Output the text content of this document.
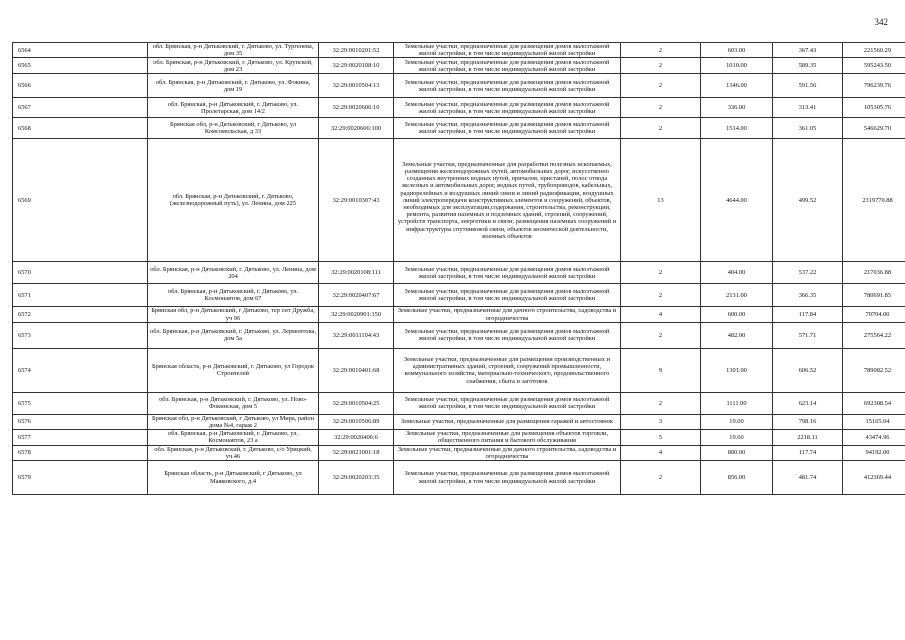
342
6564	обл. Брянская, р-н Дятьковский, г. Дятьково, ул. Тургенева, дом 35	32:29:0010201:52	Земельные участки, предназначенные для размещения домов малоэтажной жилой застройки, в том числе индивидуальной жилой застройки	2	603.00	367.43	221560.29
6565	обл. Брянская, р-н Дятьковский, г. Дятьково, ул. Крупской, дом 23	32:29:0020108:10	Земельные участки, предназначенные для размещения домов малоэтажной жилой застройки, в том числе индивидуальной жилой застройки	2	1010.00	589.35	595243.50
6566	обл. Брянская, р-н Дятьковский, г. Дятьково, ул. Фокина, дом 19	32:29:0010504:13	Земельные участки, предназначенные для размещения домов малоэтажной жилой застройки, в том числе индивидуальной жилой застройки	2	1346.00	591.56	796239.76
6567	обл. Брянская, р-н Дятьковский, г. Дятьково, ул. Пролетарская, дом 14/2	32:29:0020606:10	Земельные участки, предназначенные для размещения домов малоэтажной жилой застройки, в том числе индивидуальной жилой застройки	2	336.00	313.41	105305.76
6568	Брянская обл, р-н Дятьковский, г Дятьково, ул Комсомольская, д 33	32:29:0020606:100	Земельные участки, предназначенные для размещения домов малоэтажной жилой застройки, в том числе индивидуальной жилой застройки	2	1514.00	361.05	546629.70
6569	обл. Брянская, р-н Дятьковский, г. Дятьково, (железнодорожный путь), ул. Ленина, дом 225	32:29:0010307:43	Земельные участки, предназначенные для разработки полезных ископаемых, размещения железнодорожных путей, автомобильных дорог, искусственно созданных внутренних водных путей, причалов, пристаней, полос отвода железных и автомобильных дорог, водных путей, трубопроводов, кабельных, радиорелейных и воздушных линий связи и линий радиофикации, воздушных линий электропередачи конструктивных элементов и сооружений, объектов, необходимых для эксплуатации,содержания, строительства, реконструкции, ремонта, развития наземных и подземных зданий, строений, сооружений, устройств транспорта, энергетики и связи; размещения наземных сооружений и инфраструктуры спутниковой связи, объектов космической деятельности, военных объектов	13	4644.00	499.52	2319770.88
6570	обл. Брянская, р-н Дятьковский, г. Дятьково, ул. Ленина, дом 204	32:29:0020108:111	Земельные участки, предназначенные для размещения домов малоэтажной жилой застройки, в том числе индивидуальной жилой застройки	2	404.00	537.22	217036.88
6571	обл. Брянская, р-н Дятьковский, г. Дятьково, ул. Космонавтов, дом 67	32:29:0020407:67	Земельные участки, предназначенные для размещения домов малоэтажной жилой застройки, в том числе индивидуальной жилой застройки	2	2131.00	366.35	780691.85
6572	Брянская обл, р-н Дятьковский, г Дятьково, тер снт Дружба, уч 96	32:29:0020901:150	Земельные участки, предназначенные для дачного строительства, садоводства и огородничества	4	600.00	117.84	70704.00
6573	обл. Брянская, р-н Дятьковский, г. Дятьково, ул. Лермонтова, дом 5а	32:29:0011104:43	Земельные участки, предназначенные для размещения домов малоэтажной жилой застройки, в том числе индивидуальной жилой застройки	2	482.00	571.71	275564.22
6574	Брянская область, р-н Дятьковский, г. Дятьково, ул Городок Строителей	32:29:0010401:68	Земельные участки, предназначенные для размещения производственных и административных зданий, строений, сооружений промышленности, коммунального хозяйства, материально-технического, продовольственного снабжения, сбыта и заготовок	9	1301.00	606.52	789082.52
6575	обл. Брянская, р-н Дятьковский, г. Дятьково, ул. Ново-Фокинская, дом 5	32:29:0010504:25	Земельные участки, предназначенные для размещения домов малоэтажной жилой застройки, в том числе индивидуальной жилой застройки	2	1111.00	623.14	692308.54
6576	Брянская обл, р-н Дятьковский, г Дятьково, ул Мира, район дома №4, гараж 2	32:29:0010506:89	Земельные участки, предназначенные для размещения гаражей и автостоянок	3	19.00	798.16	15165.04
6577	обл. Брянская, р-н Дятьковский, г. Дятьково, ул. Космонавтов, 23 а	32:29:0020406:6	Земельные участки, предназначенные для размещения объектов торговли, общественного питания и бытового обслуживания	5	19.60	2218.11	43474.96
6578	обл. Брянская, р-н Дятьковский, г. Дятьково, с/о Урицкий, уч.46	32:29:0021001:18	Земельные участки, предназначенные для дачного строительства, садоводства и огородничества	4	800.00	117.74	94192.00
6579	Брянская область, р-н Дятьковский, г Дятьково, ул Маяковского, д.4	32:29:0020203:35	Земельные участки, предназначенные для размещения домов малоэтажной жилой застройки, в том числе индивидуальной жилой застройки	2	856.00	481.74	412369.44
